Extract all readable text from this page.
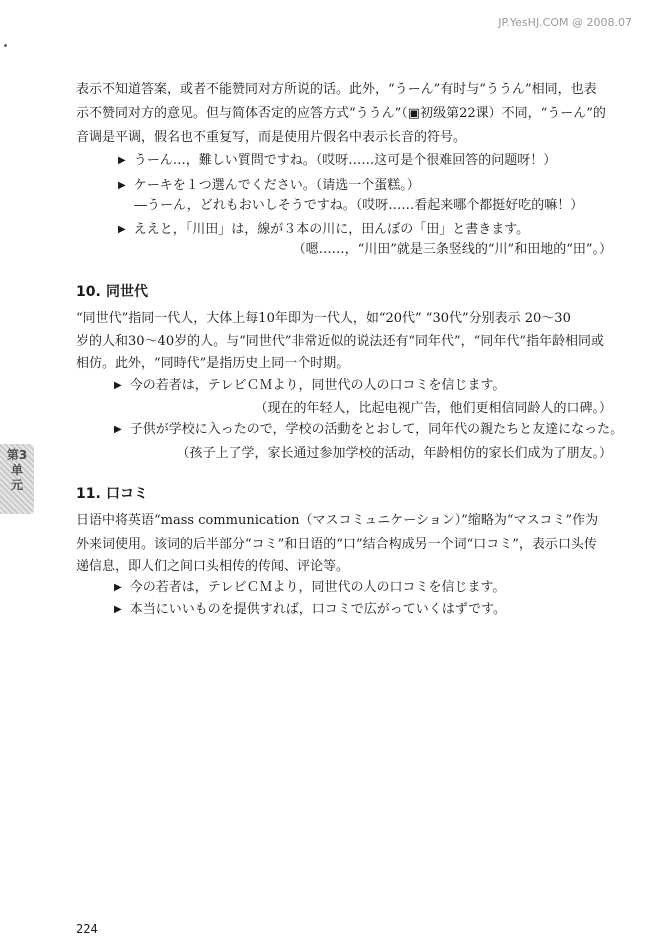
JP.YesHJ.COM @ 2008.07
表示不知道答案，或者不能赞同对方所说的话。此外，“うーん”有时与“ううん”相同，也表
示不赞同对方的意见。但与简体否定的应答方式“ううん”（▣初级第22课）不同，“うーん”的
音调是平调，假名也不重复写，而是使用片假名中表示长音的符号。
▶ うーん…，難しい質問ですね。（哎呀……这可是个很难回答的问题呀！）
▶ ケーキを１つ選んでください。（请选一个蛋糕。）
―うーん，どれもおいしそうですね。（哎呀……看起来哪个都挺好吃的嘛！）
▶ ええと，「川田」は，線が３本の川に，田んぼの「田」と書きます。
（嗯……，“川田”就是三条竖线的“川”和田地的“田”。）
10. 同世代
“同世代”指同一代人，大体上每10年即为一代人，如“20代” “30代”分别表示 20～30
岁的人和30～40岁的人。与“同世代”非常近似的说法还有“同年代”，“同年代”指年龄相同或
相仿。此外，“同時代”是指历史上同一个时期。
▶ 今の若者は，テレビＣＭより，同世代の人の口コミを信じます。
（现在的年轻人，比起电视广告，他们更相信同龄人的口碑。）
▶ 子供が学校に入ったので，学校の活動をとおして，同年代の親たちと友達になった。
（孩子上了学，家长通过参加学校的活动，年龄相仿的家长们成为了朋友。）
11. 口コミ
日语中将英语“mass communication（マスコミュニケーション）”缩略为“マスコミ”作为
外来词使用。该词的后半部分“コミ”和日语的“口”结合构成另一个词“口コミ”，表示口头传
递信息，即人们之间口头相传的传闻、评论等。
▶ 今の若者は，テレビＣＭより，同世代の人の口コミを信じます。
▶ 本当にいいものを提供すれば，口コミで広がっていくはずです。
第3单元
224
